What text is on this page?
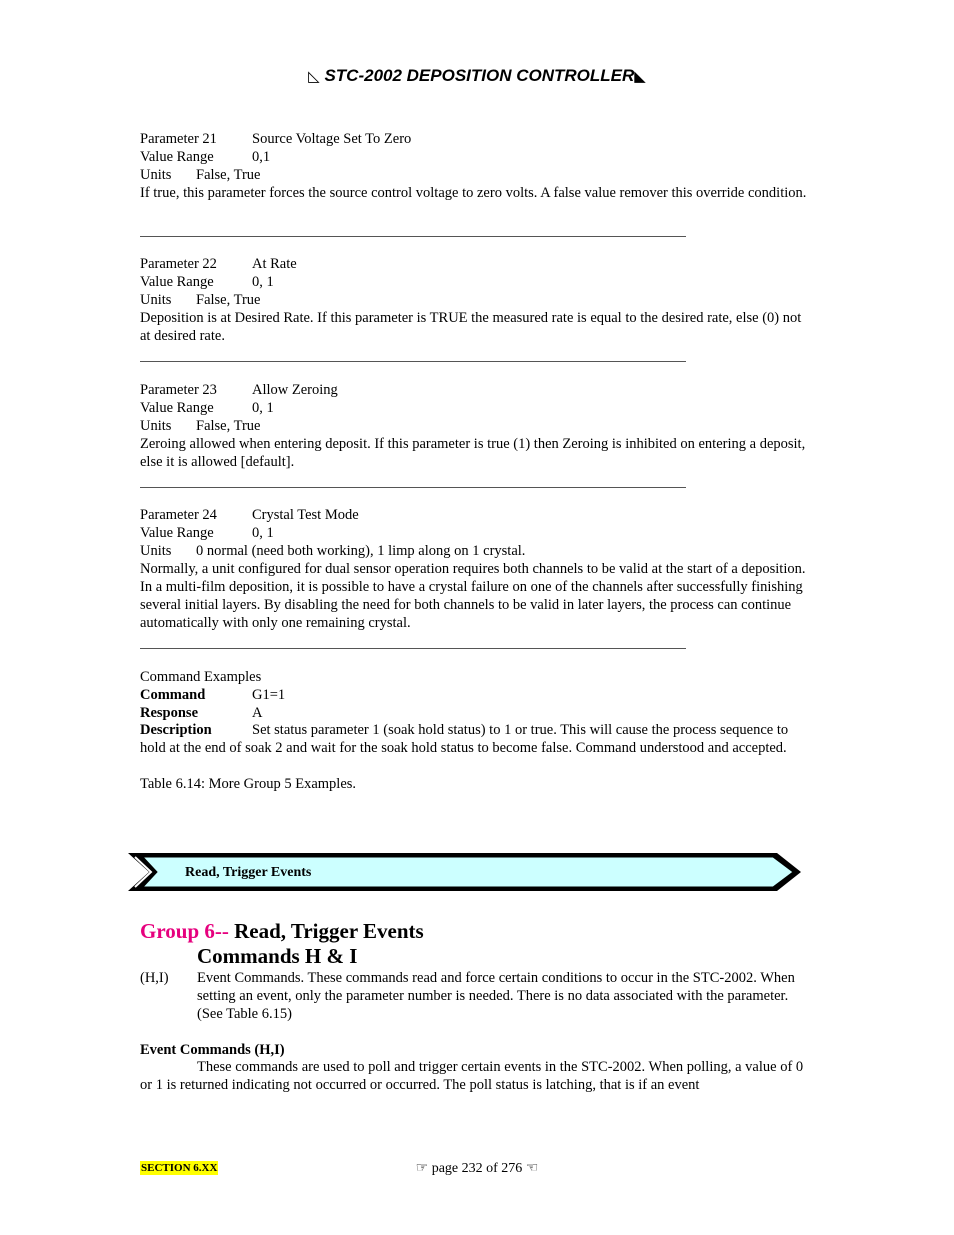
◺ STC-2002 DEPOSITION CONTROLLER◣
Parameter 21 Source Voltage Set To Zero
Value Range	0,1
Units False, True
If true, this parameter forces the source control voltage to zero volts. A false value remover this override condition.
Parameter 22 At Rate
Value Range	0, 1
Units False, True
Deposition is at Desired Rate. If this parameter is TRUE the measured rate is equal to the desired rate, else (0) not at desired rate.
Parameter 23 Allow Zeroing
Value Range	0, 1
Units False, True
Zeroing allowed when entering deposit. If this parameter is true (1) then Zeroing is inhibited on entering a deposit, else it is allowed [default].
Parameter 24 Crystal Test Mode
Value Range	0, 1
Units 0 normal (need both working), 1 limp along on 1 crystal.
Normally, a unit configured for dual sensor operation requires both channels to be valid at the start of a deposition. In a multi-film deposition, it is possible to have a crystal failure on one of the channels after successfully finishing several initial layers. By disabling the need for both channels to be valid in later layers, the process can continue automatically with only one remaining crystal.
Command Examples
Command	G1=1
Response	A
Description	Set status parameter 1 (soak hold status) to 1 or true. This will cause the process sequence to hold at the end of soak 2 and wait for the soak hold status to become false. Command understood and accepted.
Table 6.14: More Group 5 Examples.
Read, Trigger Events
Group 6-- Read, Trigger Events
Commands H & I
(H,I) Event Commands. These commands read and force certain conditions to occur in the STC-2002. When setting an event, only the parameter number is needed. There is no data associated with the parameter. (See Table 6.15)
Event Commands (H,I)
These commands are used to poll and trigger certain events in the STC-2002. When polling, a value of 0 or 1 is returned indicating not occurred or occurred. The poll status is latching, that is if an event
SECTION 6.XX	☞ page 232 of 276 ☜
